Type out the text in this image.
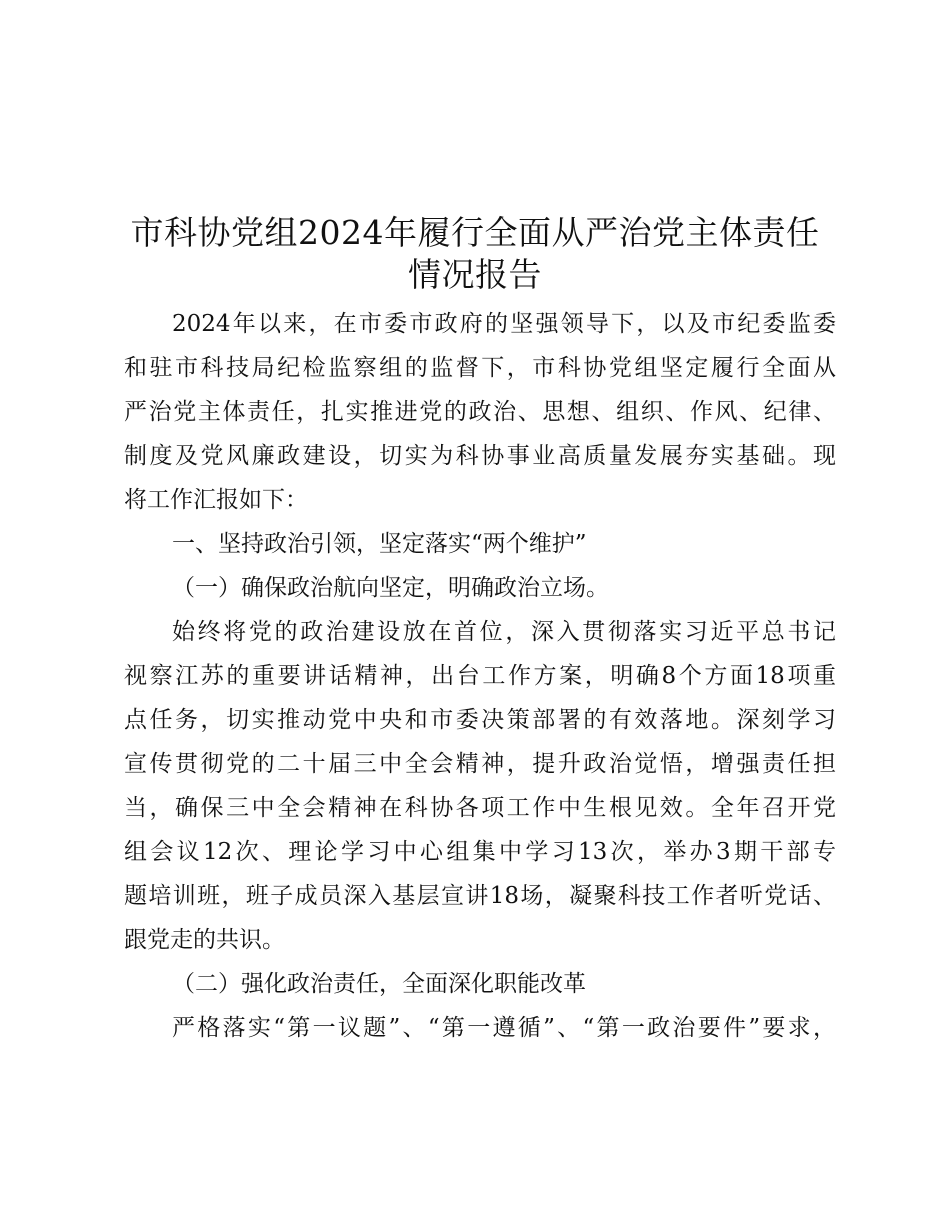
市科协党组2024年履行全面从严治党主体责任
情况报告

2024年以来，在市委市政府的坚强领导下，以及市纪委监委

和驻市科技局纪检监察组的监督下，市科协党组坚定履行全面从

严治党主体责任，扎实推进党的政治、思想、组织、作风、纪律、

制度及党风廉政建设，切实为科协事业高质量发展夯实基础。现

将工作汇报如下：

一、坚持政治引领，坚定落实“两个维护”

（一）确保政治航向坚定，明确政治立场。

始终将党的政治建设放在首位，深入贯彻落实习近平总书记

视察江苏的重要讲话精神，出台工作方案，明确8个方面18项重

点任务，切实推动党中央和市委决策部署的有效落地。深刻学习

宣传贯彻党的二十届三中全会精神，提升政治觉悟，增强责任担

当，确保三中全会精神在科协各项工作中生根见效。全年召开党

组会议12次、理论学习中心组集中学习13次，举办3期干部专

题培训班，班子成员深入基层宣讲18场，凝聚科技工作者听党话、

跟党走的共识。

（二）强化政治责任，全面深化职能改革

严格落实“第一议题”、“第一遵循”、“第一政治要件”要求，
